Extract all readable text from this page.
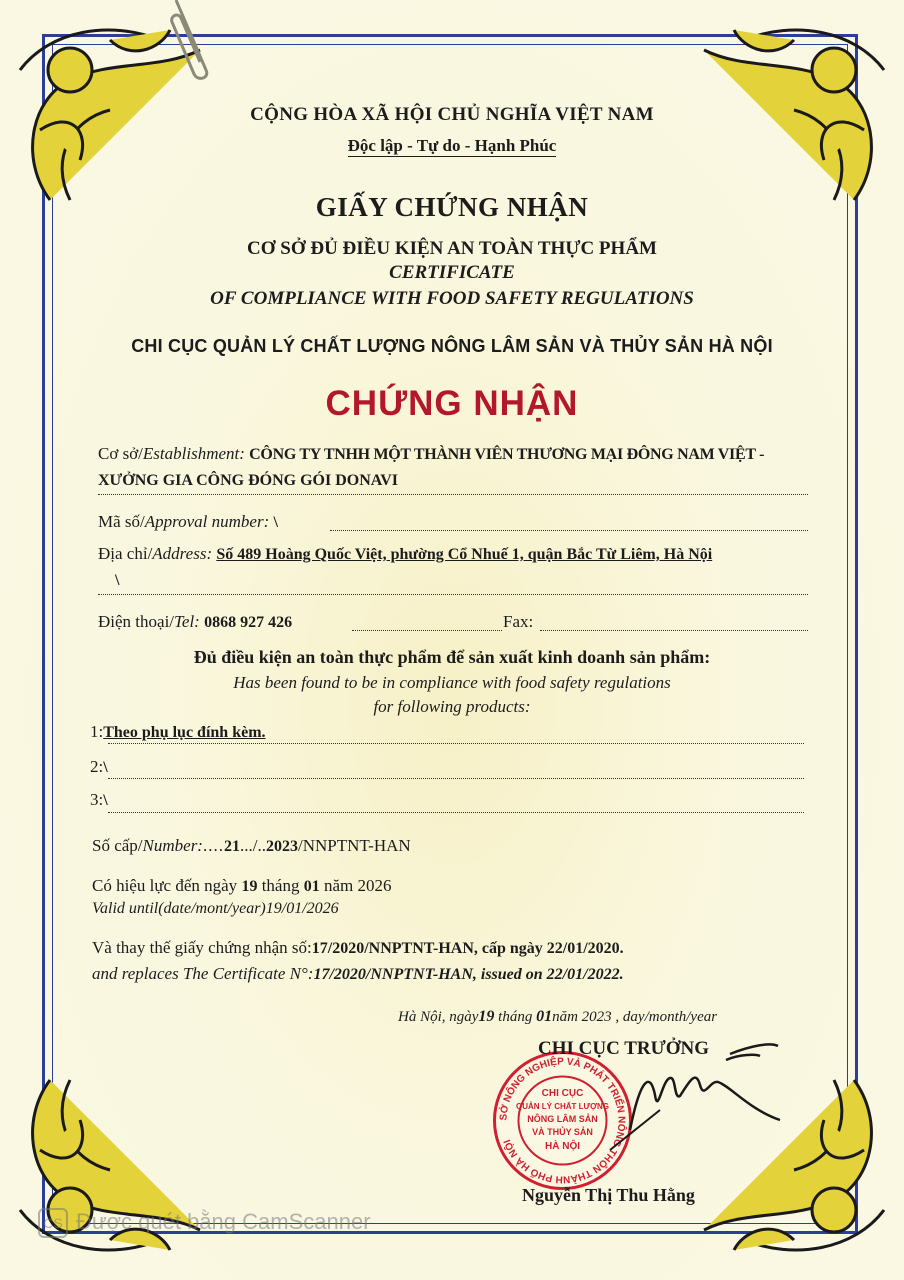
CỘNG HÒA XÃ HỘI CHỦ NGHĨA VIỆT NAM
Độc lập - Tự do - Hạnh Phúc
GIẤY CHỨNG NHẬN
CƠ SỞ ĐỦ ĐIỀU KIỆN AN TOÀN THỰC PHẨM
CERTIFICATE
OF COMPLIANCE WITH FOOD SAFETY REGULATIONS
CHI CỤC QUẢN LÝ CHẤT LƯỢNG NÔNG LÂM SẢN VÀ THỦY SẢN HÀ NỘI
CHỨNG NHẬN
Cơ sở/Establishment: CÔNG TY TNHH MỘT THÀNH VIÊN THƯƠNG MẠI ĐÔNG NAM VIỆT -
XƯỞNG GIA CÔNG ĐÓNG GÓI DONAVI
Mã số/Approval number: \
Địa chỉ/Address: Số 489 Hoàng Quốc Việt, phường Cổ Nhuế 1, quận Bắc Từ Liêm, Hà Nội
\
Điện thoại/Tel: 0868 927 426	Fax:
Đủ điều kiện an toàn thực phẩm để sản xuất kinh doanh sản phẩm:
Has been found to be in compliance with food safety regulations
for following products:
1:Theo phụ lục đính kèm.
2:\
3:\
Số cấp/Number:....21.../..2023/NNPTNT-HAN
Có hiệu lực đến ngày 19 tháng 01 năm 2026
Valid until(date/mont/year)19/01/2026
Và thay thế giấy chứng nhận số:17/2020/NNPTNT-HAN, cấp ngày 22/01/2020.
and replaces The Certificate N°:17/2020/NNPTNT-HAN, issued on 22/01/2022.
Hà Nội, ngày19 tháng 01năm 2023 , day/month/year
SỞ NÔNG NGHIỆP VÀ PHÁT TRIỂN NÔNG THÔN THÀNH PHỐ HÀ NỘI
CHI CỤC
QUẢN LÝ CHẤT LƯỢNG
NÔNG LÂM SẢN
VÀ THỦY SẢN
HÀ NỘI
CHI CỤC TRƯỞNG
Nguyễn Thị Thu Hằng
CS Được quét bằng CamScanner
